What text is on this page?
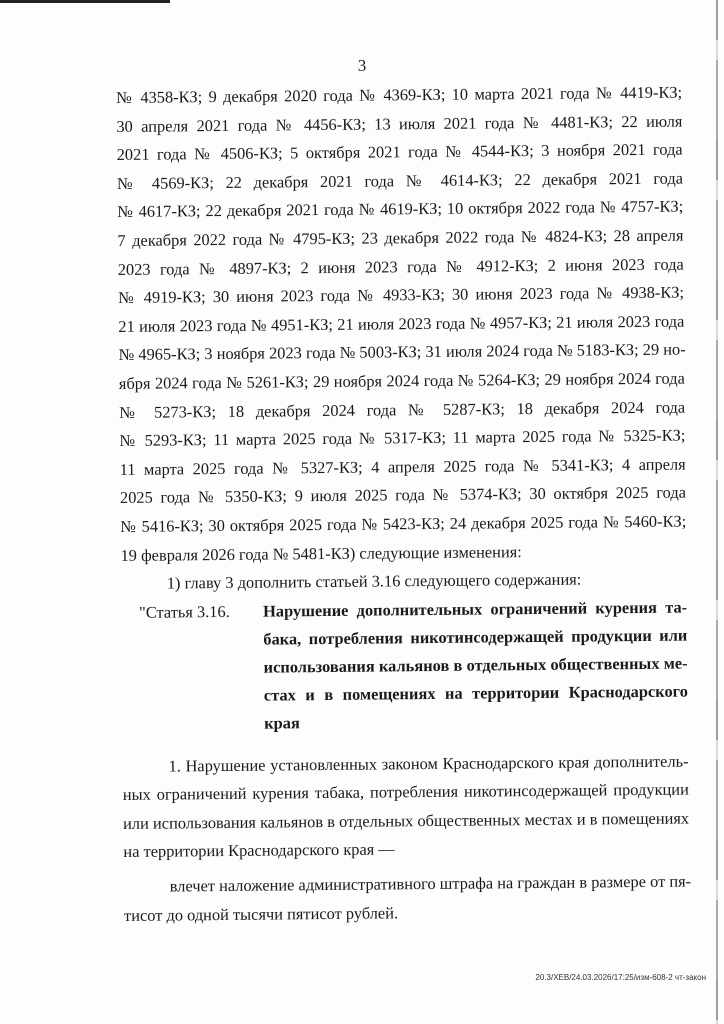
3
№ 4358-КЗ; 9 декабря 2020 года № 4369-КЗ; 10 марта 2021 года № 4419-КЗ;
30 апреля 2021 года № 4456-КЗ; 13 июля 2021 года № 4481-КЗ; 22 июля
2021 года № 4506-КЗ; 5 октября 2021 года № 4544-КЗ; 3 ноября 2021 года
№ 4569-КЗ; 22 декабря 2021 года № 4614-КЗ; 22 декабря 2021 года
№ 4617-КЗ; 22 декабря 2021 года № 4619-КЗ; 10 октября 2022 года № 4757-КЗ;
7 декабря 2022 года № 4795-КЗ; 23 декабря 2022 года № 4824-КЗ; 28 апреля
2023 года № 4897-КЗ; 2 июня 2023 года № 4912-КЗ; 2 июня 2023 года
№ 4919-КЗ; 30 июня 2023 года № 4933-КЗ; 30 июня 2023 года № 4938-КЗ;
21 июля 2023 года № 4951-КЗ; 21 июля 2023 года № 4957-КЗ; 21 июля 2023 года
№ 4965-КЗ; 3 ноября 2023 года № 5003-КЗ; 31 июля 2024 года № 5183-КЗ; 29 но-
ября 2024 года № 5261-КЗ; 29 ноября 2024 года № 5264-КЗ; 29 ноября 2024 года
№ 5273-КЗ; 18 декабря 2024 года № 5287-КЗ; 18 декабря 2024 года
№ 5293-КЗ; 11 марта 2025 года № 5317-КЗ; 11 марта 2025 года № 5325-КЗ;
11 марта 2025 года № 5327-КЗ; 4 апреля 2025 года № 5341-КЗ; 4 апреля
2025 года № 5350-КЗ; 9 июля 2025 года № 5374-КЗ; 30 октября 2025 года
№ 5416-КЗ; 30 октября 2025 года № 5423-КЗ; 24 декабря 2025 года № 5460-КЗ;
19 февраля 2026 года № 5481-КЗ) следующие изменения:
1) главу 3 дополнить статьей 3.16 следующего содержания:
"Статья 3.16.	Нарушение дополнительных ограничений курения та-
бака, потребления никотинсодержащей продукции или
использования кальянов в отдельных общественных ме-
стах и в помещениях на территории Краснодарского
края
1. Нарушение установленных законом Краснодарского края дополнитель-
ных ограничений курения табака, потребления никотинсодержащей продукции
или использования кальянов в отдельных общественных местах и в помещениях
на территории Краснодарского края —
влечет наложение административного штрафа на граждан в размере от пя-
тисот до одной тысячи пятисот рублей.
20.3/ХЕВ/24.03.2026/17:25/изм-608-2 чт-закон
